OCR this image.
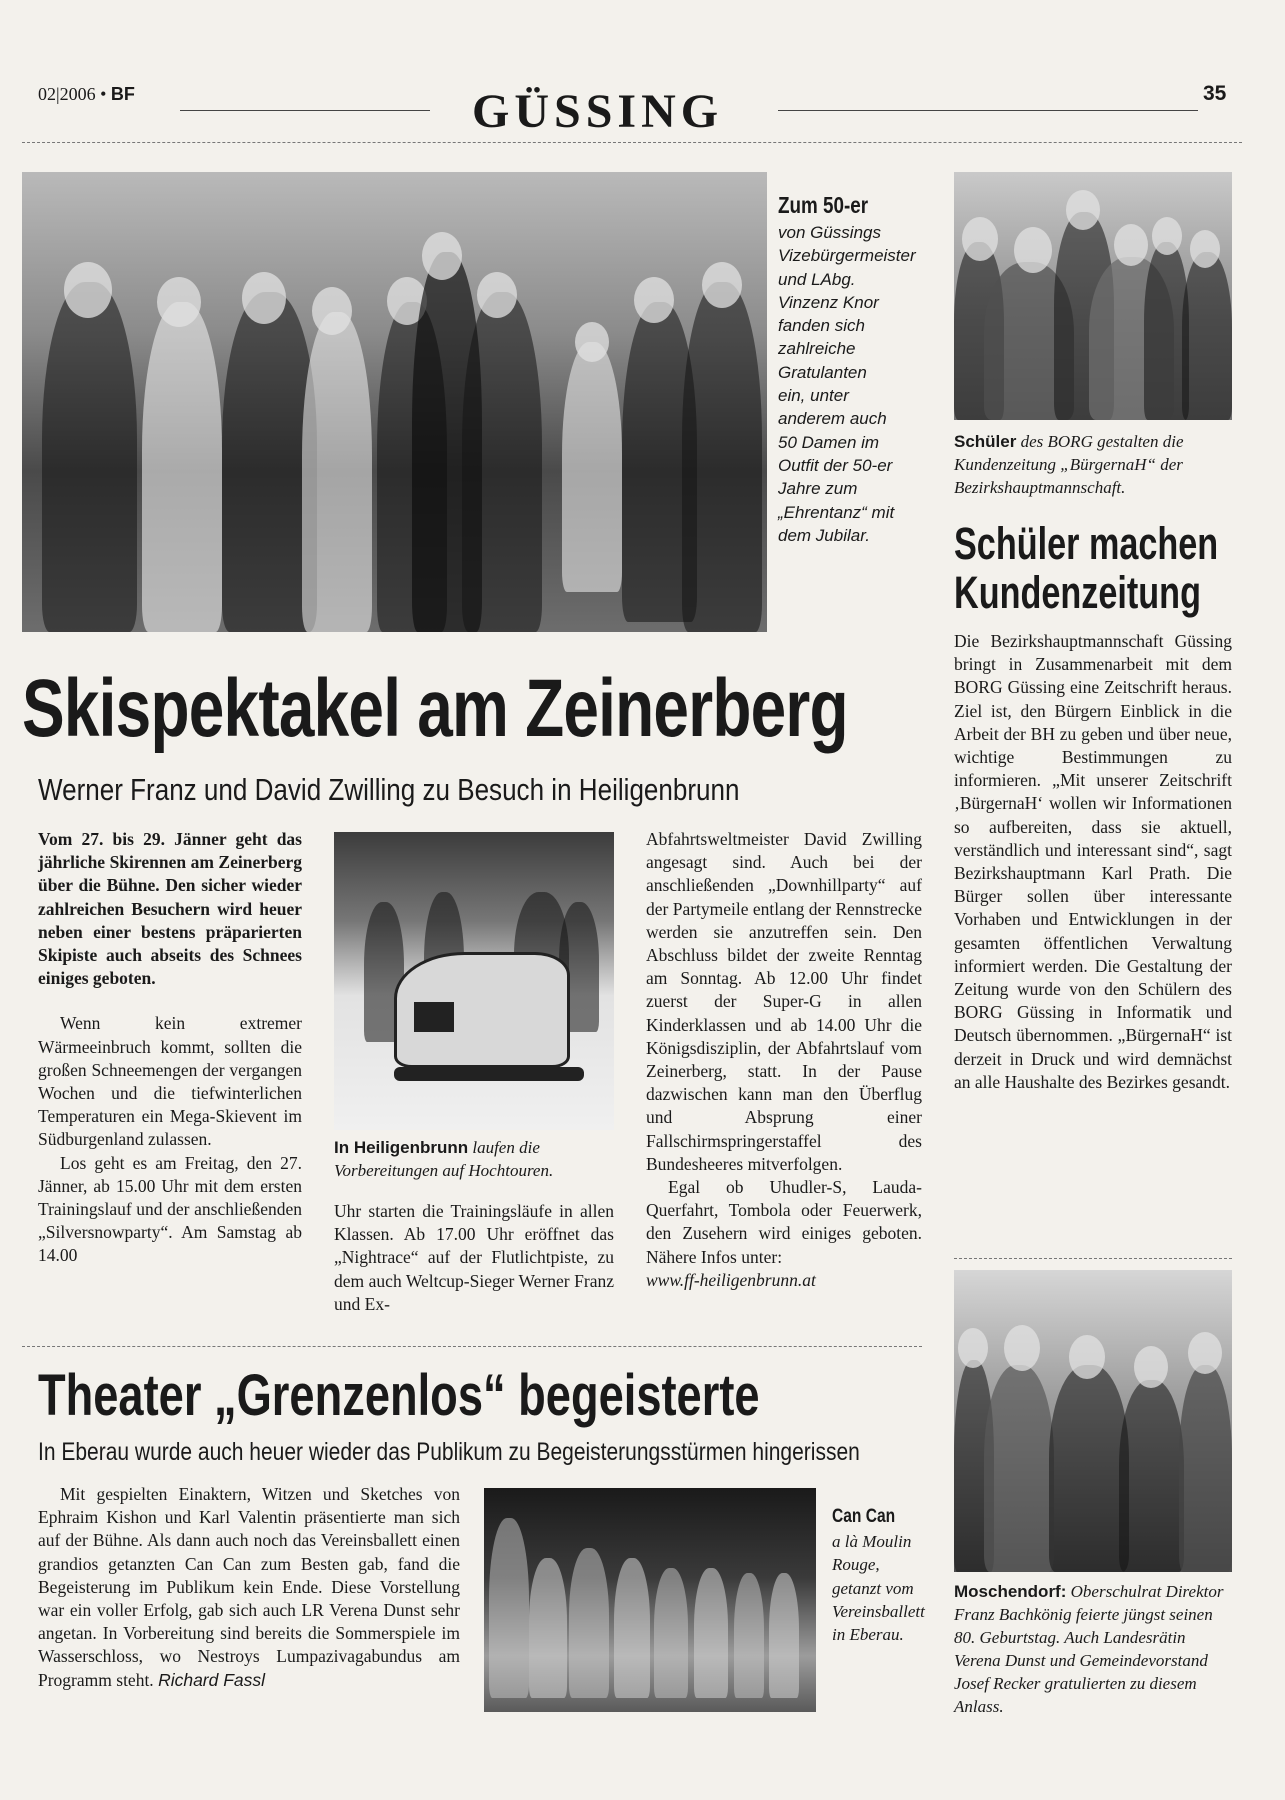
02|2006 • BF	GÜSSING	35
Zum 50-er
von Güssings Vizebürgermeister und LAbg. Vinzenz Knor fanden sich zahlreiche Gratulanten ein, unter anderem auch 50 Damen im Outfit der 50-er Jahre zum „Ehrentanz“ mit dem Jubilar.
Skispektakel am Zeinerberg
Werner Franz und David Zwilling zu Besuch in Heiligenbrunn

Vom 27. bis 29. Jänner geht das jährliche Skirennen am Zeinerberg über die Bühne. Den sicher wieder zahlreichen Besuchern wird heuer neben einer bestens präparierten Skipiste auch abseits des Schnees einiges geboten.

Wenn kein extremer Wärmeeinbruch kommt, sollten die großen Schneemengen der vergangen Wochen und die tiefwinterlichen Temperaturen ein Mega-Skievent im Südburgenland zulassen.

Los geht es am Freitag, den 27. Jänner, ab 15.00 Uhr mit dem ersten Trainingslauf und der anschließenden „Silversnowparty“. Am Samstag ab 14.00

In Heiligenbrunn laufen die Vorbereitungen auf Hochtouren.

Uhr starten die Trainingsläufe in allen Klassen. Ab 17.00 Uhr eröffnet das „Nightrace“ auf der Flutlichtpiste, zu dem auch Weltcup-Sieger Werner Franz und Ex-

Abfahrtsweltmeister David Zwilling angesagt sind. Auch bei der anschließenden „Downhillparty“ auf der Partymeile entlang der Rennstrecke werden sie anzutreffen sein. Den Abschluss bildet der zweite Renntag am Sonntag. Ab 12.00 Uhr findet zuerst der Super-G in allen Kinderklassen und ab 14.00 Uhr die Königsdisziplin, der Abfahrtslauf vom Zeinerberg, statt. In der Pause dazwischen kann man den Überflug und Absprung einer Fallschirmspringerstaffel des Bundesheeres mitverfolgen.

Egal ob Uhudler-S, Lauda-Querfahrt, Tombola oder Feuerwerk, den Zusehern wird einiges geboten. Nähere Infos unter:

www.ff-heiligenbrunn.at

Schüler des BORG gestalten die Kundenzeitung „BürgernaH“ der Bezirkshauptmannschaft.
Schüler machen
Kundenzeitung
Die Bezirkshauptmannschaft Güssing bringt in Zusammenarbeit mit dem BORG Güssing eine Zeitschrift heraus. Ziel ist, den Bürgern Einblick in die Arbeit der BH zu geben und über neue, wichtige Bestimmungen zu informieren. „Mit unserer Zeitschrift ‚BürgernaH‘ wollen wir Informationen so aufbereiten, dass sie aktuell, verständlich und interessant sind“, sagt Bezirkshauptmann Karl Prath. Die Bürger sollen über interessante Vorhaben und Entwicklungen in der gesamten öffentlichen Verwaltung informiert werden. Die Gestaltung der Zeitung wurde von den Schülern des BORG Güssing in Informatik und Deutsch übernommen. „BürgernaH“ ist derzeit in Druck und wird demnächst an alle Haushalte des Bezirkes gesandt.
Moschendorf: Oberschulrat Direktor Franz Bachkönig feierte jüngst seinen 80. Geburtstag. Auch Landesrätin Verena Dunst und Gemeindevorstand Josef Recker gratulierten zu diesem Anlass.
Theater „Grenzenlos“ begeisterte
In Eberau wurde auch heuer wieder das Publikum zu Begeisterungsstürmen hingerissen

Mit gespielten Einaktern, Witzen und Sketches von Ephraim Kishon und Karl Valentin präsentierte man sich auf der Bühne. Als dann auch noch das Vereinsballett einen grandios getanzten Can Can zum Besten gab, fand die Begeisterung im Publikum kein Ende. Diese Vorstellung war ein voller Erfolg, gab sich auch LR Verena Dunst sehr angetan. In Vorbereitung sind bereits die Sommerspiele im Wasserschloss, wo Nestroys Lumpazivagabundus am Programm steht. Richard Fassl

Can Can
a là Moulin Rouge, getanzt vom Vereinsballett in Eberau.
